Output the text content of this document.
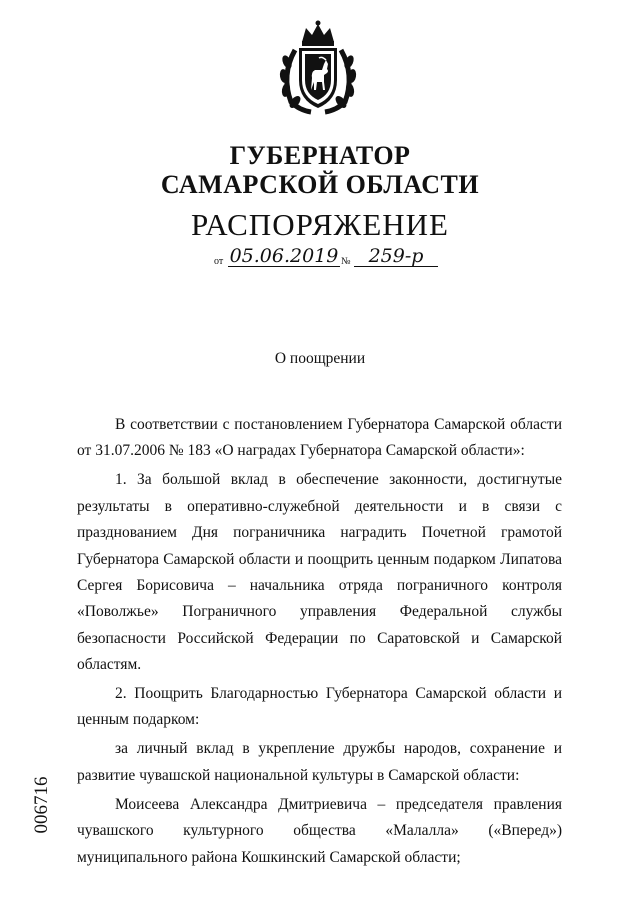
ГУБЕРНАТОР
САМАРСКОЙ ОБЛАСТИ
РАСПОРЯЖЕНИЕ
от 05.06.2019 № 259-р
О поощрении

В соответствии с постановлением Губернатора Самарской области от 31.07.2006 № 183 «О наградах Губернатора Самарской области»:

1. За большой вклад в обеспечение законности, достигнутые результаты в оперативно-служебной деятельности и в связи с празднованием Дня пограничника наградить Почетной грамотой Губернатора Самарской области и поощрить ценным подарком Липатова Сергея Борисовича – начальника отряда пограничного контроля «Поволжье» Пограничного управления Федеральной службы безопасности Российской Федерации по Саратовской и Самарской областям.

2. Поощрить Благодарностью Губернатора Самарской области и ценным подарком:

за личный вклад в укрепление дружбы народов, сохранение и развитие чувашской национальной культуры в Самарской области:

Моисеева Александра Дмитриевича – председателя правления чувашского культурного общества «Малалла» («Вперед») муниципального района Кошкинский Самарской области;

006716
